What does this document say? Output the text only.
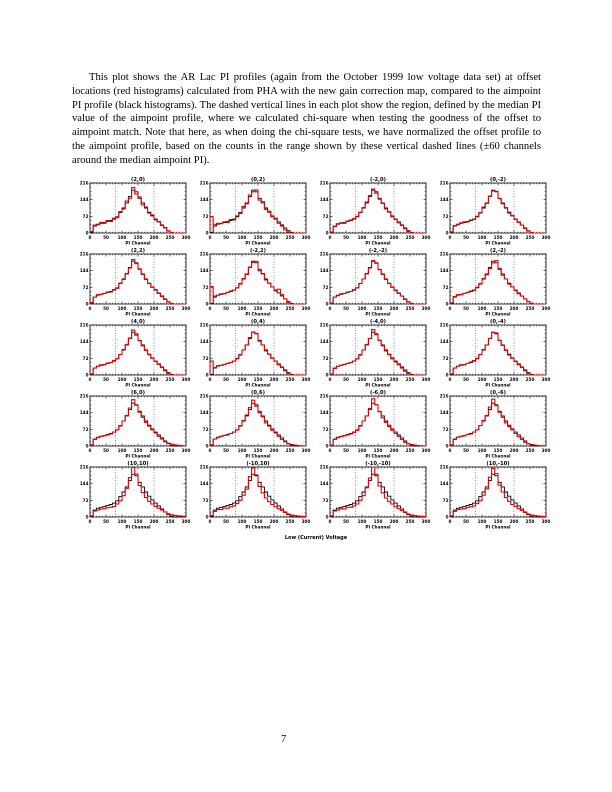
This plot shows the AR Lac PI profiles (again from the October 1999 low voltage data set) at offset locations (red histograms) calculated from PHA with the new gain correction map, compared to the aimpoint PI profile (black histograms). The dashed vertical lines in each plot show the region, defined by the median PI value of the aimpoint profile, where we calculated chi-square when testing the goodness of the offset to aimpoint match. Note that here, as when doing the chi-square tests, we have normalized the offset profile to the aimpoint profile, based on the counts in the range shown by these vertical dashed lines (±60 channels around the median aimpoint PI).

0	50 100 150 200 250 300
0
72
144
216
(2,0)
PI Channel
0	50 100 150 200 250 300
0
72
144
216
(0,2)
PI Channel
0	50 100 150 200 250 300
0
72
144
216
(-2,0)
PI Channel
0	50 100 150 200 250 300
0
72
144
216
(0,-2)
PI Channel
0	50 100 150 200 250 300
0
72
144
216
(2,2)
PI Channel
0	50 100 150 200 250 300
0
72
144
216
(-2,2)
PI Channel
0	50 100 150 200 250 300
0
72
144
216
(-2,-2)
PI Channel
0	50 100 150 200 250 300
0
72
144
216
(2,-2)
PI Channel
0	50 100 150 200 250 300
0
72
144
216
(4,0)
PI Channel
0	50 100 150 200 250 300
0
72
144
216
(0,4)
PI Channel
0	50 100 150 200 250 300
0
72
144
216
(-4,0)
PI Channel
0	50 100 150 200 250 300
0
72
144
216
(0,-4)
PI Channel
0	50 100 150 200 250 300
0
72
144
216
(6,0)
PI Channel
0	50 100 150 200 250 300
0
72
144
216
(0,6)
PI Channel
0	50 100 150 200 250 300
0
72
144
216
(-6,0)
PI Channel
0	50 100 150 200 250 300
0
72
144
216
(0,-6)
PI Channel
0	50 100 150 200 250 300
0
72
144
216
(10,10)
PI Channel
0	50 100 150 200 250 300
0
72
144
216
(-10,10)
PI Channel
0	50 100 150 200 250 300
0
72
144
216
(-10,-10)
PI Channel
0	50 100 150 200 250 300
0
72
144
216
(10,-10)
PI Channel
Low (Current) Voltage
7
